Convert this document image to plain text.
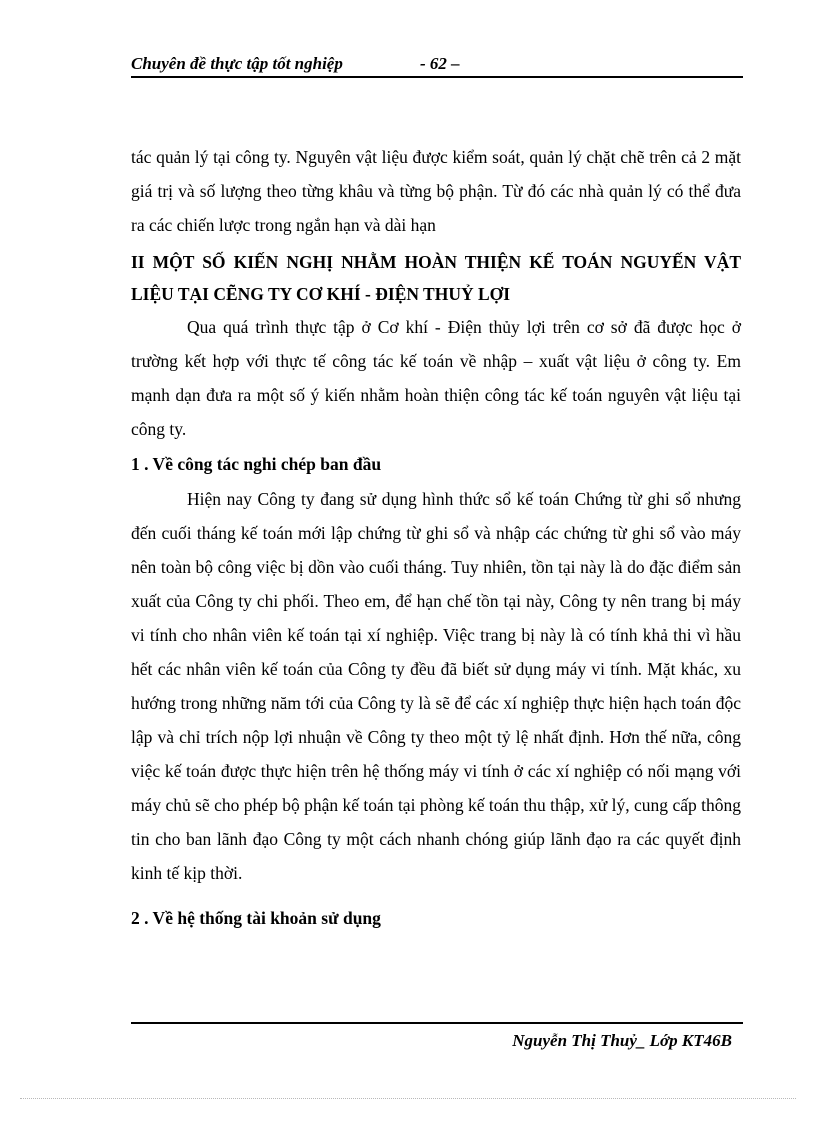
Chuyên đề thực tập tốt nghiệp	- 62 –

tác quản lý tại công ty. Nguyên vật liệu được kiểm soát, quản lý chặt chẽ trên cả 2 mặt giá trị và số lượng theo từng khâu và từng bộ phận. Từ đó các nhà quản lý có thể đưa ra các chiến lược trong ngắn hạn và dài hạn

II MỘT SỐ KIẾN NGHỊ NHẰM HOÀN THIỆN KẾ TOÁN NGUYẾN VẬT LIỆU TẠI CẼNG TY CƠ KHÍ - ĐIỆN THUỶ LỢI

Qua quá trình thực tập ở Cơ khí - Điện thủy lợi trên cơ sở đã được học ở trường kết hợp với thực tế công tác kế toán về nhập – xuất vật liệu ở công ty. Em mạnh dạn đưa ra một số ý kiến nhằm hoàn thiện công tác kế toán nguyên vật liệu tại công ty.

1 . Về công tác nghi chép ban đầu

Hiện nay Công ty đang sử dụng hình thức sổ kế toán Chứng từ ghi sổ nhưng đến cuối tháng kế toán mới lập chứng từ ghi sổ và nhập các chứng từ ghi sổ vào máy nên toàn bộ công việc bị dồn vào cuối tháng. Tuy nhiên, tồn tại này là do đặc điểm sản xuất của Công ty chi phối. Theo em, để hạn chế tồn tại này, Công ty nên trang bị máy vi tính cho nhân viên kế toán tại xí nghiệp. Việc trang bị này là có tính khả thi vì hầu hết các nhân viên kế toán của Công ty đều đã biết sử dụng máy vi tính. Mặt khác, xu hướng trong những năm tới của Công ty là sẽ để các xí nghiệp thực hiện hạch toán độc lập và chỉ trích nộp lợi nhuận về Công ty theo một tỷ lệ nhất định. Hơn thế nữa, công việc kế toán được thực hiện trên hệ thống máy vi tính ở các xí nghiệp có nối mạng với máy chủ sẽ cho phép bộ phận kế toán tại phòng kế toán thu thập, xử lý, cung cấp thông tin cho ban lãnh đạo Công ty một cách nhanh chóng giúp lãnh đạo ra các quyết định kinh tế kịp thời.

2 . Về hệ thống tài khoản sử dụng

Nguyễn Thị Thuỷ_ Lớp KT46B
